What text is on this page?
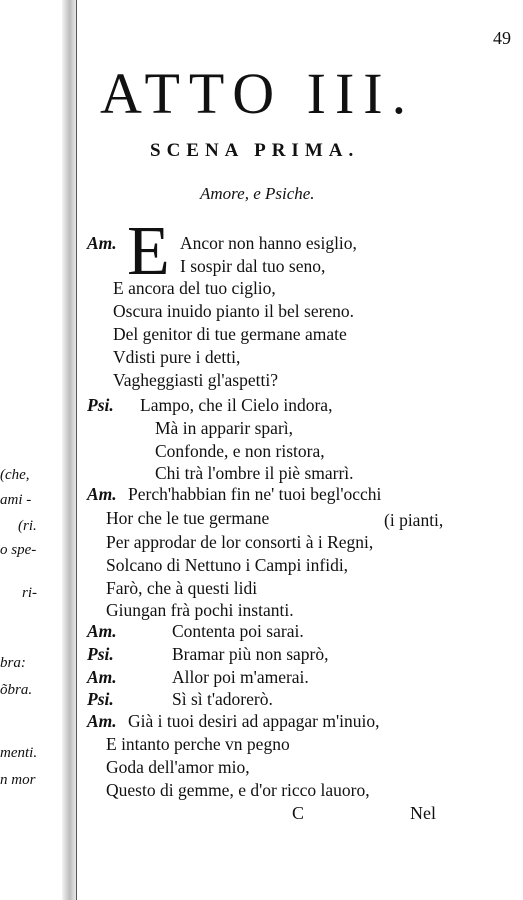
(che,
ami -
(ri.
o spe-
ri-
bra:
õbra.
menti.
n mor
49
ATTO III.
SCENA PRIMA.
Amore, e Psiche.
E
Am.
Psi.
Am.
Am.
Psi.
Am.
Psi.
Am.
Ancor non hanno esiglio,
I sospir dal tuo seno,
E ancora del tuo ciglio,
Oscura inuido pianto il bel sereno.
Del genitor di tue germane amate
Vdisti pure i detti,
Vagheggiasti gl'aspetti?
Lampo, che il Cielo indora,
Mà in apparir sparì,
Confonde, e non ristora,
Chi trà l'ombre il piè smarrì.
Perch'habbian fin ne' tuoi begl'occhi
Hor che le tue germane	(i pianti,
Per approdar de lor consorti à i Regni,
Solcano di Nettuno i Campi infidi,
Farò, che à questi lidi
Giungan frà pochi instanti.
Contenta poi sarai.
Bramar più non saprò,
Allor poi m'amerai.
Sì sì t'adorerò.
Già i tuoi desiri ad appagar m'inuio,
E intanto perche vn pegno
Goda dell'amor mio,
Questo di gemme, e d'or ricco lauoro,
C	Nel
